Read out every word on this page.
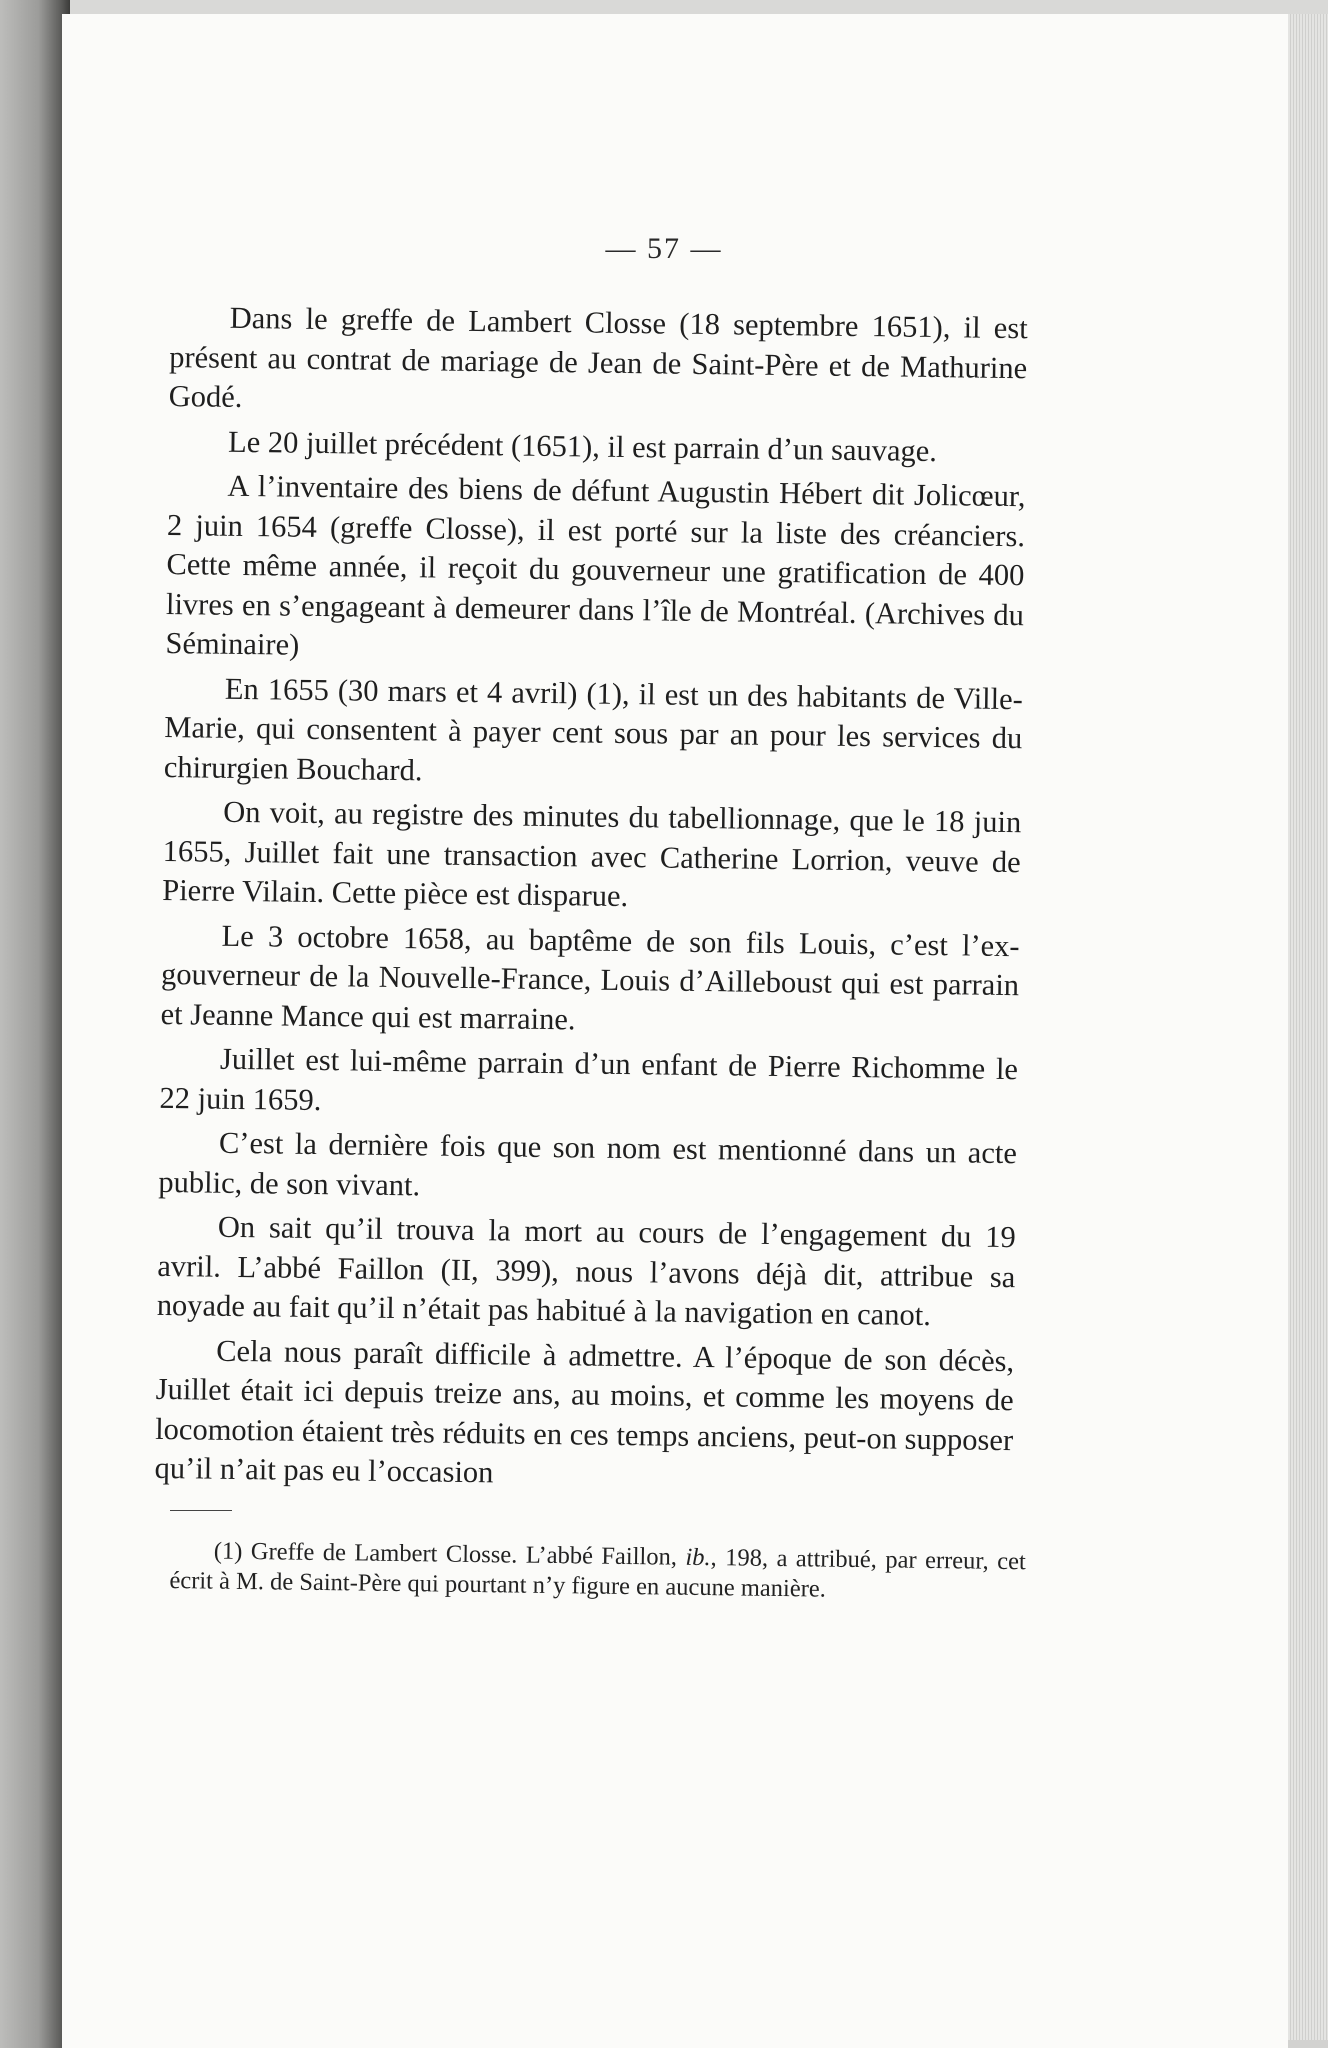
— 57 —

Dans le greffe de Lambert Closse (18 septembre 1651), il est présent au contrat de mariage de Jean de Saint-Père et de Mathurine Godé.

Le 20 juillet précédent (1651), il est parrain d’un sauvage.

A l’inventaire des biens de défunt Augustin Hébert dit Jolicœur, 2 juin 1654 (greffe Closse), il est porté sur la liste des créanciers. Cette même année, il reçoit du gouverneur une gratification de 400 livres en s’engageant à demeurer dans l’île de Montréal. (Archives du Séminaire)

En 1655 (30 mars et 4 avril) (1), il est un des habitants de Ville-Marie, qui consentent à payer cent sous par an pour les services du chirurgien Bouchard.

On voit, au registre des minutes du tabellionnage, que le 18 juin 1655, Juillet fait une transaction avec Catherine Lorrion, veuve de Pierre Vilain. Cette pièce est disparue.

Le 3 octobre 1658, au baptême de son fils Louis, c’est l’ex-gouverneur de la Nouvelle-France, Louis d’Ailleboust qui est parrain et Jeanne Mance qui est marraine.

Juillet est lui-même parrain d’un enfant de Pierre Richomme le 22 juin 1659.

C’est la dernière fois que son nom est mentionné dans un acte public, de son vivant.

On sait qu’il trouva la mort au cours de l’engagement du 19 avril. L’abbé Faillon (II, 399), nous l’avons déjà dit, attribue sa noyade au fait qu’il n’était pas habitué à la navigation en canot.

Cela nous paraît difficile à admettre. A l’époque de son décès, Juillet était ici depuis treize ans, au moins, et comme les moyens de locomotion étaient très réduits en ces temps anciens, peut-on supposer qu’il n’ait pas eu l’occasion

(1) Greffe de Lambert Closse. L’abbé Faillon, ib., 198, a attribué, par erreur, cet écrit à M. de Saint-Père qui pourtant n’y figure en aucune manière.
